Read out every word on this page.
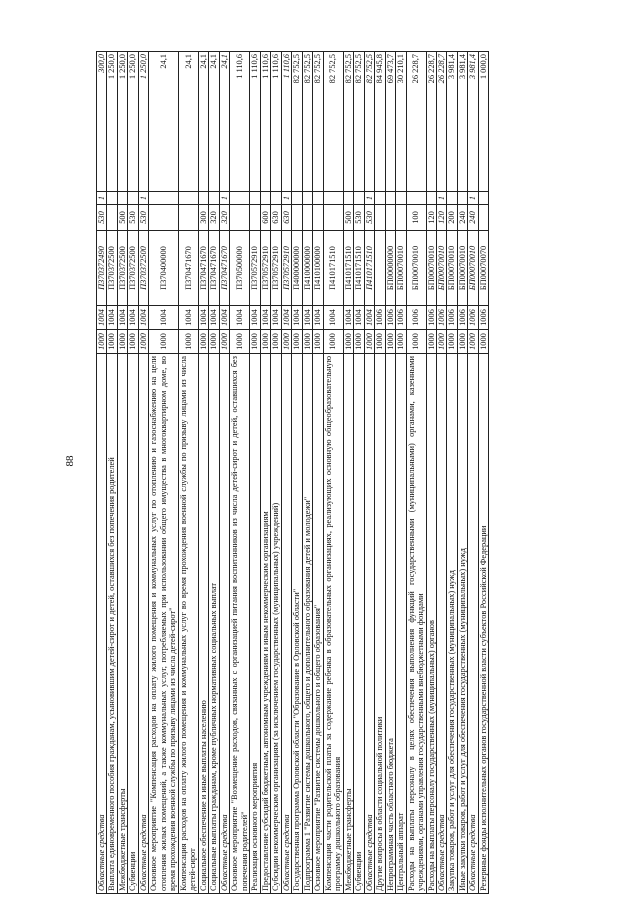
88
Областные средства	1000	1004	П370372490	530	1	300,0
Выплата единовременного пособия гражданам, усыновившим детей-сирот и детей, оставшихся без попечения родителей	1000	1004	П370372500			1 250,0
Межбюджетные трансферты	1000	1004	П370372500	500		1 250,0
Субвенции	1000	1004	П370372500	530		1 250,0
Областные средства	1000	1004	П370372500	530	1	1 250,0
Основное мероприятие "Компенсация расходов на оплату жилого помещения и коммунальных услуг по отоплению и газоснабжению на цели отопления жилых помещений, а также коммунальных услуг, потребляемых при использовании общего имущества в многоквартирном доме, во время прохождения военной службы по призыву лицами из числа детей-сирот"	1000	1004	П370400000			24,1
Компенсация расходов на оплату жилого помещения и коммунальных услуг во время прохождения военной службы по призыву лицами из числа детей-сирот	1000	1004	П370471670			24,1
Социальное обеспечение и иные выплаты населению	1000	1004	П370471670	300		24,1
Социальные выплаты гражданам, кроме публичных нормативных социальных выплат	1000	1004	П370471670	320		24,1
Областные средства	1000	1004	П370471670	320	1	24,1
Основное мероприятие "Возмещение расходов, связанных с организацией питания воспитанников из числа детей-сирот и детей, оставшихся без попечения родителей"	1000	1004	П370500000			1 110,6
Реализация основного мероприятия	1000	1004	П370572910			1 110,6
Предоставление субсидий бюджетным, автономным учреждениям и иным некоммерческим организациям	1000	1004	П370572910	600		1 110,6
Субсидии некоммерческим организациям (за исключением государственных (муниципальных) учреждений)	1000	1004	П370572910	630		1 110,6
Областные средства	1000	1004	П370572910	630	1	1 110,6
Государственная программа Орловской области "Образование в Орловской области"	1000	1004	П400000000			82 752,5
Подпрограмма 1 "Развитие системы дошкольного, общего и дополнительного образования детей и молодежи"	1000	1004	П410000000			82 752,5
Основное мероприятие "Развитие системы дошкольного и общего образования"	1000	1004	П410100000			82 752,5
Компенсация части родительской платы за содержание ребенка в образовательных организациях, реализующих основную общеобразовательную программу дошкольного образования	1000	1004	П410171510			82 752,5
Межбюджетные трансферты	1000	1004	П410171510	500		82 752,5
Субвенции	1000	1004	П410171510	530		82 752,5
Областные средства	1000	1004	П410171510	530	1	82 752,5
Другие вопросы в области социальной политики	1000	1006				84 945,8
Непрограммная часть областного бюджета	1000	1006	БП00000000			69 473,7
Центральный аппарат	1000	1006	БП00070010			30 210,1
Расходы на выплаты персоналу в целях обеспечения выполнения функций государственными (муниципальными) органами, казенными учреждениями, органами управления государственными внебюджетными фондами	1000	1006	БП00070010	100		26 228,7
Расходы на выплаты персоналу государственных (муниципальных) органов	1000	1006	БП00070010	120		26 228,7
Областные средства	1000	1006	БП00070010	120	1	26 228,7
Закупка товаров, работ и услуг для обеспечения государственных (муниципальных) нужд	1000	1006	БП00070010	200		3 981,4
Иные закупки товаров, работ и услуг для обеспечения государственных (муниципальных) нужд	1000	1006	БП00070010	240		3 981,4
Областные средства	1000	1006	БП00070010	240	1	3 981,4
Резервные фонды исполнительных органов государственной власти субъектов Российской Федерации	1000	1006	БП00070070			1 000,0
